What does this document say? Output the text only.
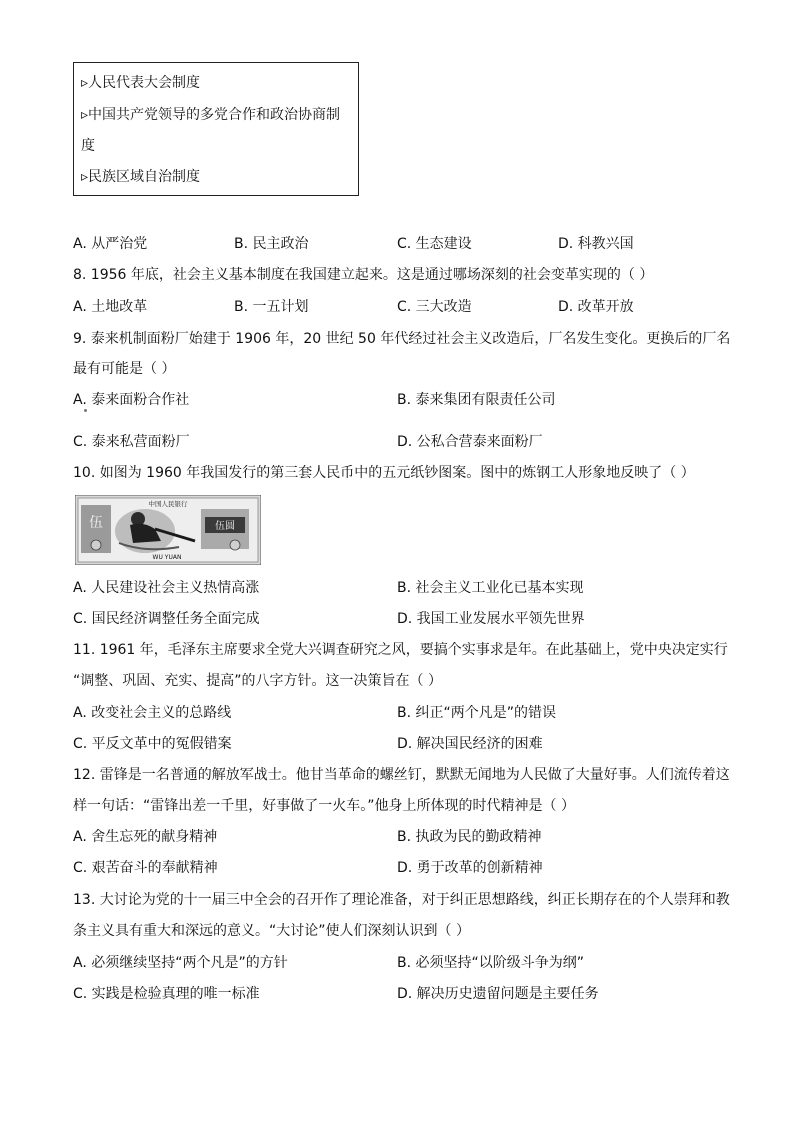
▹人民代表大会制度
▹中国共产党领导的多党合作和政治协商制
度
▹民族区域自治制度
A. 从严治党	B. 民主政治	C. 生态建设	D. 科教兴国
8. 1956 年底，社会主义基本制度在我国建立起来。这是通过哪场深刻的社会变革实现的（ ）
A. 土地改革	B. 一五计划	C. 三大改造	D. 改革开放
9. 泰来机制面粉厂始建于 1906 年，20 世纪 50 年代经过社会主义改造后，厂名发生变化。更换后的厂名
最有可能是（ ）
A. 泰来面粉合作社	B. 泰来集团有限责任公司
C. 泰来私营面粉厂	D. 公私合营泰来面粉厂
10. 如图为 1960 年我国发行的第三套人民币中的五元纸钞图案。图中的炼钢工人形象地反映了（ ）
中国人民银行
伍	伍圆
WU YUAN
A. 人民建设社会主义热情高涨	B. 社会主义工业化已基本实现
C. 国民经济调整任务全面完成	D. 我国工业发展水平领先世界
11. 1961 年，毛泽东主席要求全党大兴调查研究之风，要搞个实事求是年。在此基础上，党中央决定实行
“调整、巩固、充实、提高”的八字方针。这一决策旨在（ ）
A. 改变社会主义的总路线	B. 纠正“两个凡是”的错误
C. 平反文革中的冤假错案	D. 解决国民经济的困难
12. 雷锋是一名普通的解放军战士。他甘当革命的螺丝钉，默默无闻地为人民做了大量好事。人们流传着这
样一句话：“雷锋出差一千里，好事做了一火车。”他身上所体现的时代精神是（ ）
A. 舍生忘死的献身精神	B. 执政为民的勤政精神
C. 艰苦奋斗的奉献精神	D. 勇于改革的创新精神
13. 大讨论为党的十一届三中全会的召开作了理论准备，对于纠正思想路线，纠正长期存在的个人崇拜和教
条主义具有重大和深远的意义。“大讨论”使人们深刻认识到（ ）
A. 必须继续坚持“两个凡是”的方针	B. 必须坚持“以阶级斗争为纲”
C. 实践是检验真理的唯一标准	D. 解决历史遗留问题是主要任务
